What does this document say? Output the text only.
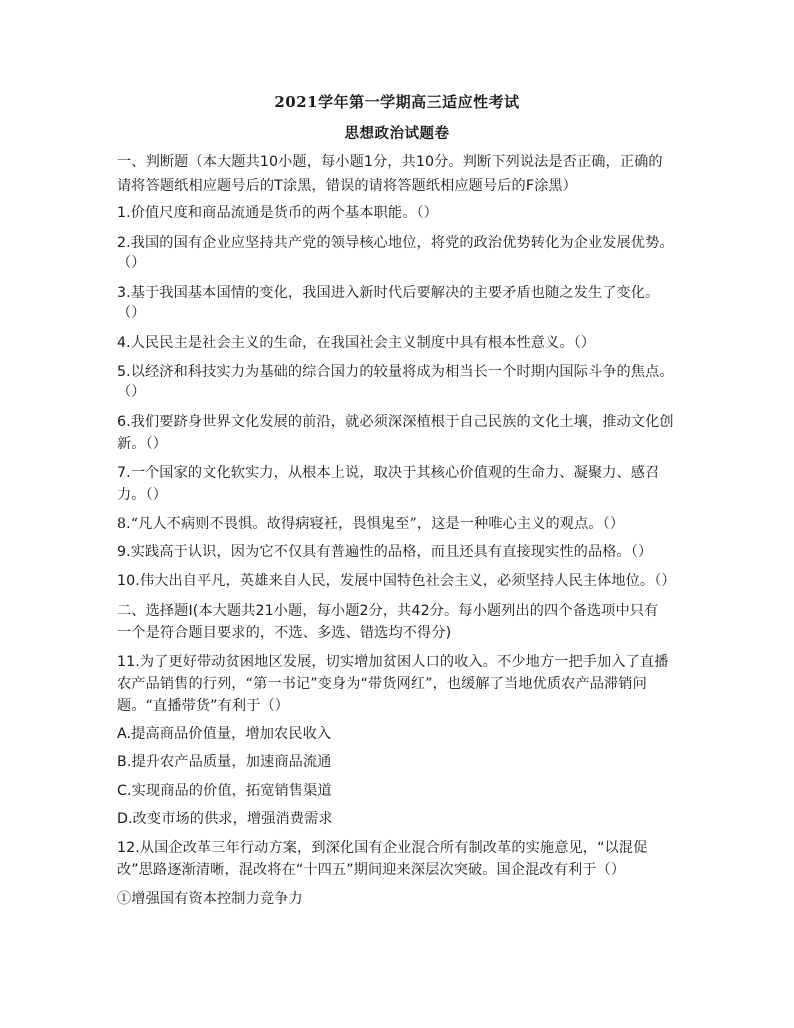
2021学年第一学期高三适应性考试
思想政治试题卷
一、判断题（本大题共10小题，每小题1分，共10分。判断下列说法是否正确，正确的
请将答题纸相应题号后的T涂黑，错误的请将答题纸相应题号后的F涂黑）
1.价值尺度和商品流通是货币的两个基本职能。（）
2.我国的国有企业应坚持共产党的领导核心地位，将党的政治优势转化为企业发展优势。
（）
3.基于我国基本国情的变化，我国进入新时代后要解决的主要矛盾也随之发生了变化。
（）
4.人民民主是社会主义的生命，在我国社会主义制度中具有根本性意义。（）
5.以经济和科技实力为基础的综合国力的较量将成为相当长一个时期内国际斗争的焦点。
（）
6.我们要跻身世界文化发展的前沿，就必须深深植根于自己民族的文化土壤，推动文化创
新。（）
7.一个国家的文化软实力，从根本上说，取决于其核心价值观的生命力、凝聚力、感召
力。（）
8.“凡人不病则不畏惧。故得病寝衽，畏惧鬼至”，这是一种唯心主义的观点。（）
9.实践高于认识，因为它不仅具有普遍性的品格，而且还具有直接现实性的品格。（）
10.伟大出自平凡，英雄来自人民，发展中国特色社会主义，必须坚持人民主体地位。（）
二、选择题Ⅰ(本大题共21小题，每小题2分，共42分。每小题列出的四个备选项中只有
一个是符合题目要求的，不选、多选、错选均不得分)
11.为了更好带动贫困地区发展，切实增加贫困人口的收入。不少地方一把手加入了直播
农产品销售的行列，“第一书记”变身为“带货网红”，也缓解了当地优质农产品滞销问
题。“直播带货”有利于（）
A.提高商品价值量，增加农民收入
B.提升农产品质量，加速商品流通
C.实现商品的价值，拓宽销售渠道
D.改变市场的供求，增强消费需求
12.从国企改革三年行动方案，到深化国有企业混合所有制改革的实施意见，“以混促
改”思路逐渐清晰，混改将在“十四五”期间迎来深层次突破。国企混改有利于（）
①增强国有资本控制力竞争力
